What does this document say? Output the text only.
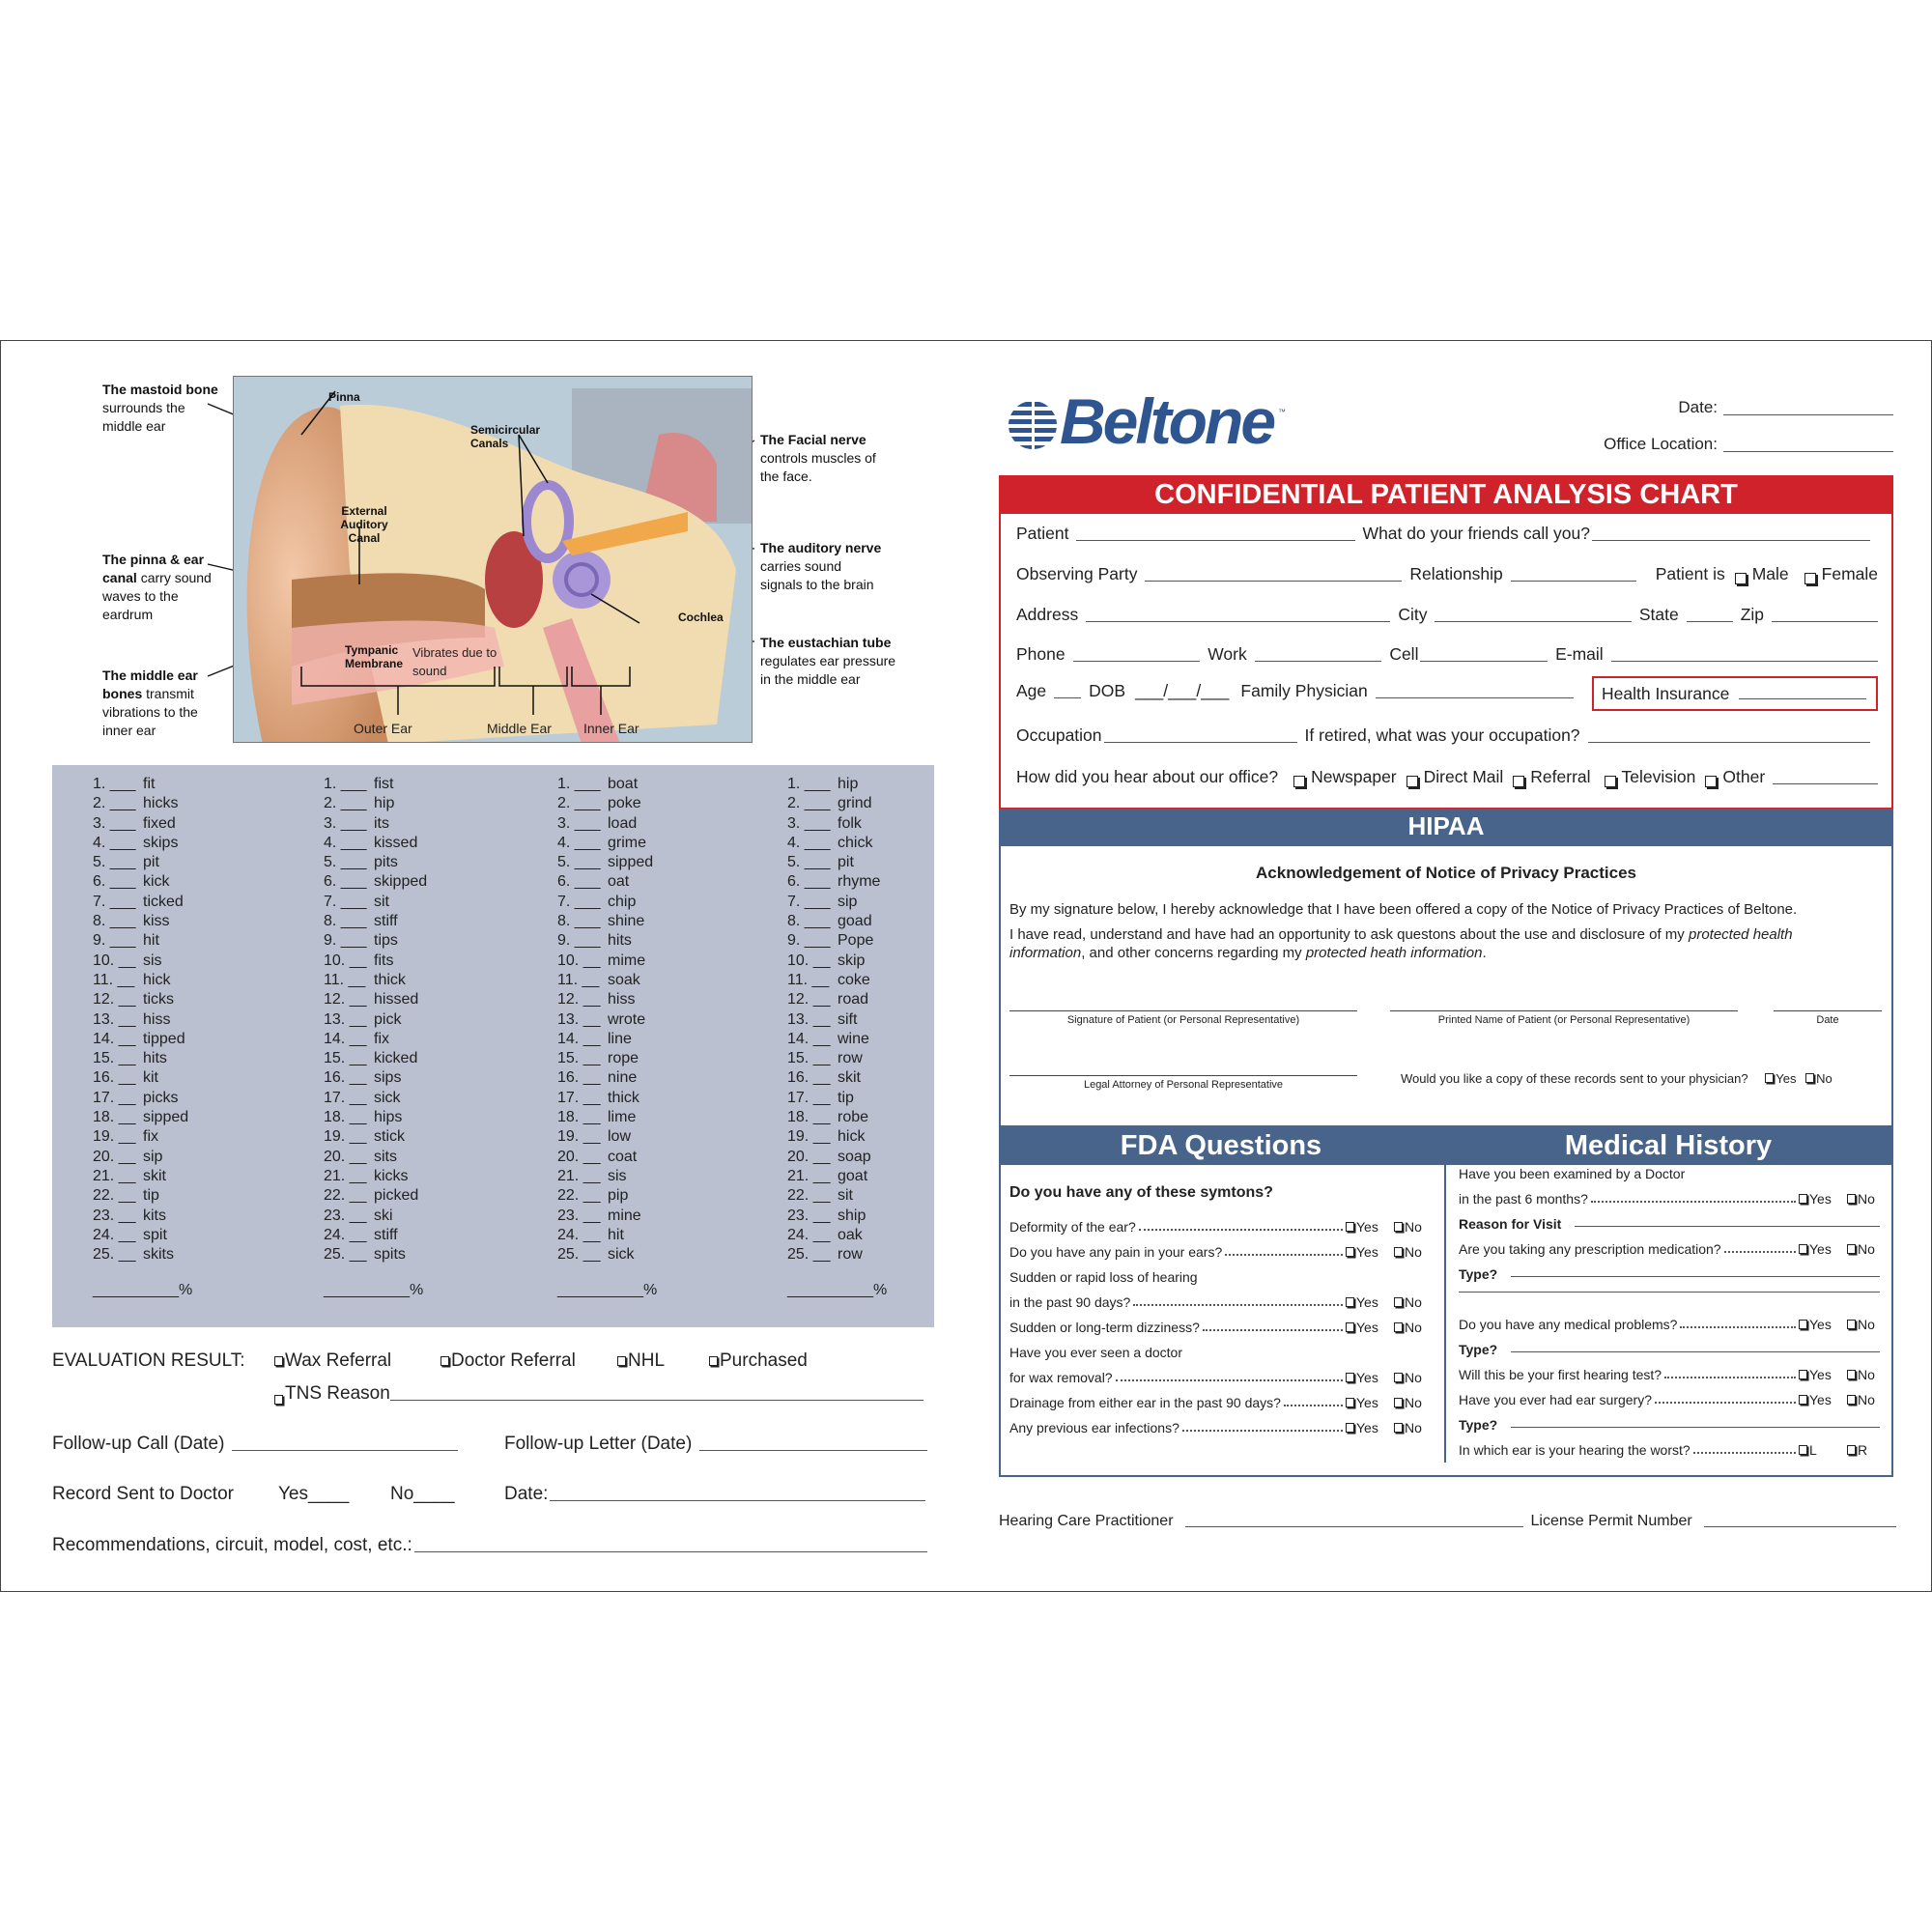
The mastoid bone
surrounds the
middle ear
The pinna & ear
canal carry sound
waves to the
eardrum
The middle ear
bones transmit
vibrations to the
inner ear
The Facial nerve
controls muscles of
the face.
The auditory nerve
carries sound
signals to the brain
The eustachian tube
regulates ear pressure
in the middle ear
Pinna
Semicircular Canals
External Auditory Canal
Cochlea
Tympanic Membrane
Vibrates due to sound
Outer Ear	Middle Ear Inner Ear
1. ___ fit
2. ___ hicks
3. ___ fixed
4. ___ skips
5. ___ pit
6. ___ kick
7. ___ ticked
8. ___ kiss
9. ___ hit
10. __ sis
11. __ hick
12. __ ticks
13. __ hiss
14. __ tipped
15. __ hits
16. __ kit
17. __ picks
18. __ sipped
19. __ fix
20. __ sip
21. __ skit
22. __ tip
23. __ kits
24. __ spit
25. __ skits
__________%
1. ___ fist
2. ___ hip
3. ___ its
4. ___ kissed
5. ___ pits
6. ___ skipped
7. ___ sit
8. ___ stiff
9. ___ tips
10. __ fits
11. __ thick
12. __ hissed
13. __ pick
14. __ fix
15. __ kicked
16. __ sips
17. __ sick
18. __ hips
19. __ stick
20. __ sits
21. __ kicks
22. __ picked
23. __ ski
24. __ stiff
25. __ spits
__________%
1. ___ boat
2. ___ poke
3. ___ load
4. ___ grime
5. ___ sipped
6. ___ oat
7. ___ chip
8. ___ shine
9. ___ hits
10. __ mime
11. __ soak
12. __ hiss
13. __ wrote
14. __ line
15. __ rope
16. __ nine
17. __ thick
18. __ lime
19. __ low
20. __ coat
21. __ sis
22. __ pip
23. __ mine
24. __ hit
25. __ sick
__________%
1. ___ hip
2. ___ grind
3. ___ folk
4. ___ chick
5. ___ pit
6. ___ rhyme
7. ___ sip
8. ___ goad
9. ___ Pope
10. __ skip
11. __ coke
12. __ road
13. __ sift
14. __ wine
15. __ row
16. __ skit
17. __ tip
18. __ robe
19. __ hick
20. __ soap
21. __ goat
22. __ sit
23. __ ship
24. __ oak
25. __ row
__________%
EVALUATION RESULT:	Wax Referral	Doctor Referral	NHL	Purchased
TNS Reason
Follow-up Call (Date)	Follow-up Letter (Date)
Record Sent to Doctor Yes____ No____	Date:
Recommendations, circuit, model, cost, etc.:
Beltone ™	Date:
Office Location:
CONFIDENTIAL PATIENT ANALYSIS CHART
Patient	What do your friends call you?
Observing Party	Relationship	Patient is Male Female
Address	City	State	Zip
Phone	Work	Cell	E-mail
Age	DOB ___/___/___ Family Physician	Health Insurance
Occupation	If retired, what was your occupation?
How did you hear about our office? Newspaper Direct Mail Referral Television Other
HIPAA
Acknowledgement of Notice of Privacy Practices
By my signature below, I hereby acknowledge that I have been offered a copy of the Notice of Privacy Practices of Beltone.
I have read, understand and have had an opportunity to ask questons about the use and disclosure of my protected health information, and other concerns regarding my protected heath information.
Signature of Patient (or Personal Representative)	Printed Name of Patient (or Personal Representative)	Date
Legal Attorney of Personal Representative	Would you like a copy of these records sent to your physician? Yes No
FDA Questions	Medical History
Do you have any of these symtons?
Deformity of the ear?	Yes No
Do you have any pain in your ears?	Yes No
Sudden or rapid loss of hearing
in the past 90 days?	Yes No
Sudden or long-term dizziness?	Yes No
Have you ever seen a doctor
for wax removal?	Yes No
Drainage from either ear in the past 90 days?	Yes No
Any previous ear infections?	Yes No
Have you been examined by a Doctor
in the past 6 months?	Yes No
Reason for Visit
Are you taking any prescription medication?	Yes No
Type?
Do you have any medical problems?	Yes No
Type?
Will this be your first hearing test?	Yes No
Have you ever had ear surgery?	Yes No
Type?
In which ear is your hearing the worst?	L	R
Hearing Care Practitioner	License Permit Number
